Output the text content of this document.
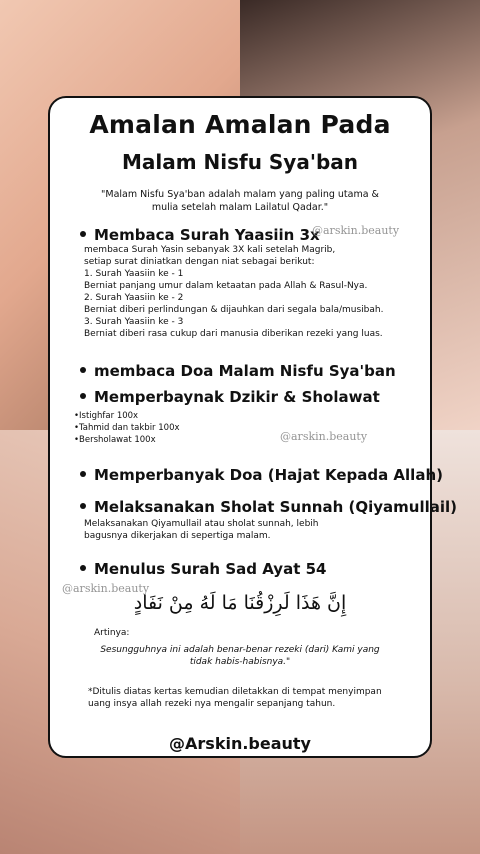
Amalan Amalan Pada
Malam Nisfu Sya'ban
"Malam Nisfu Sya'ban adalah malam yang paling utama & mulia setelah malam Lailatul Qadar."
Membaca Surah Yaasiin 3x
membaca Surah Yasin sebanyak 3X kali setelah Magrib,
setiap surat diniatkan dengan niat sebagai berikut:
1. Surah Yaasiin ke - 1
Berniat panjang umur dalam ketaatan pada Allah & Rasul-Nya.
2. Surah Yaasiin ke - 2
Berniat diberi perlindungan & dijauhkan dari segala bala/musibah.
3. Surah Yaasiin ke - 3
Berniat diberi rasa cukup dari manusia diberikan rezeki yang luas.
membaca Doa Malam Nisfu Sya'ban
Memperbaynak Dzikir & Sholawat
• Istighfar 100x
• Tahmid dan takbir 100x
• Bersholawat 100x
Memperbanyak Doa (Hajat Kepada Allah)
Melaksanakan Sholat Sunnah (Qiyamullail)
Melaksanakan Qiyamullail atau sholat sunnah, lebih
bagusnya dikerjakan di sepertiga malam.
Menulus Surah Sad Ayat 54
إِنَّ هَذَا لَرِزْقُنَا مَا لَهُ مِنْ نَفَادٍ
Artinya:
Sesungguhnya ini adalah benar-benar rezeki (dari) Kami yang tidak habis-habisnya."
*Ditulis diatas kertas kemudian diletakkan di tempat menyimpan uang insya allah rezeki nya mengalir sepanjang tahun.
@Arskin.beauty
@arskin.beauty
@arskin.beauty
@arskin.beauty
